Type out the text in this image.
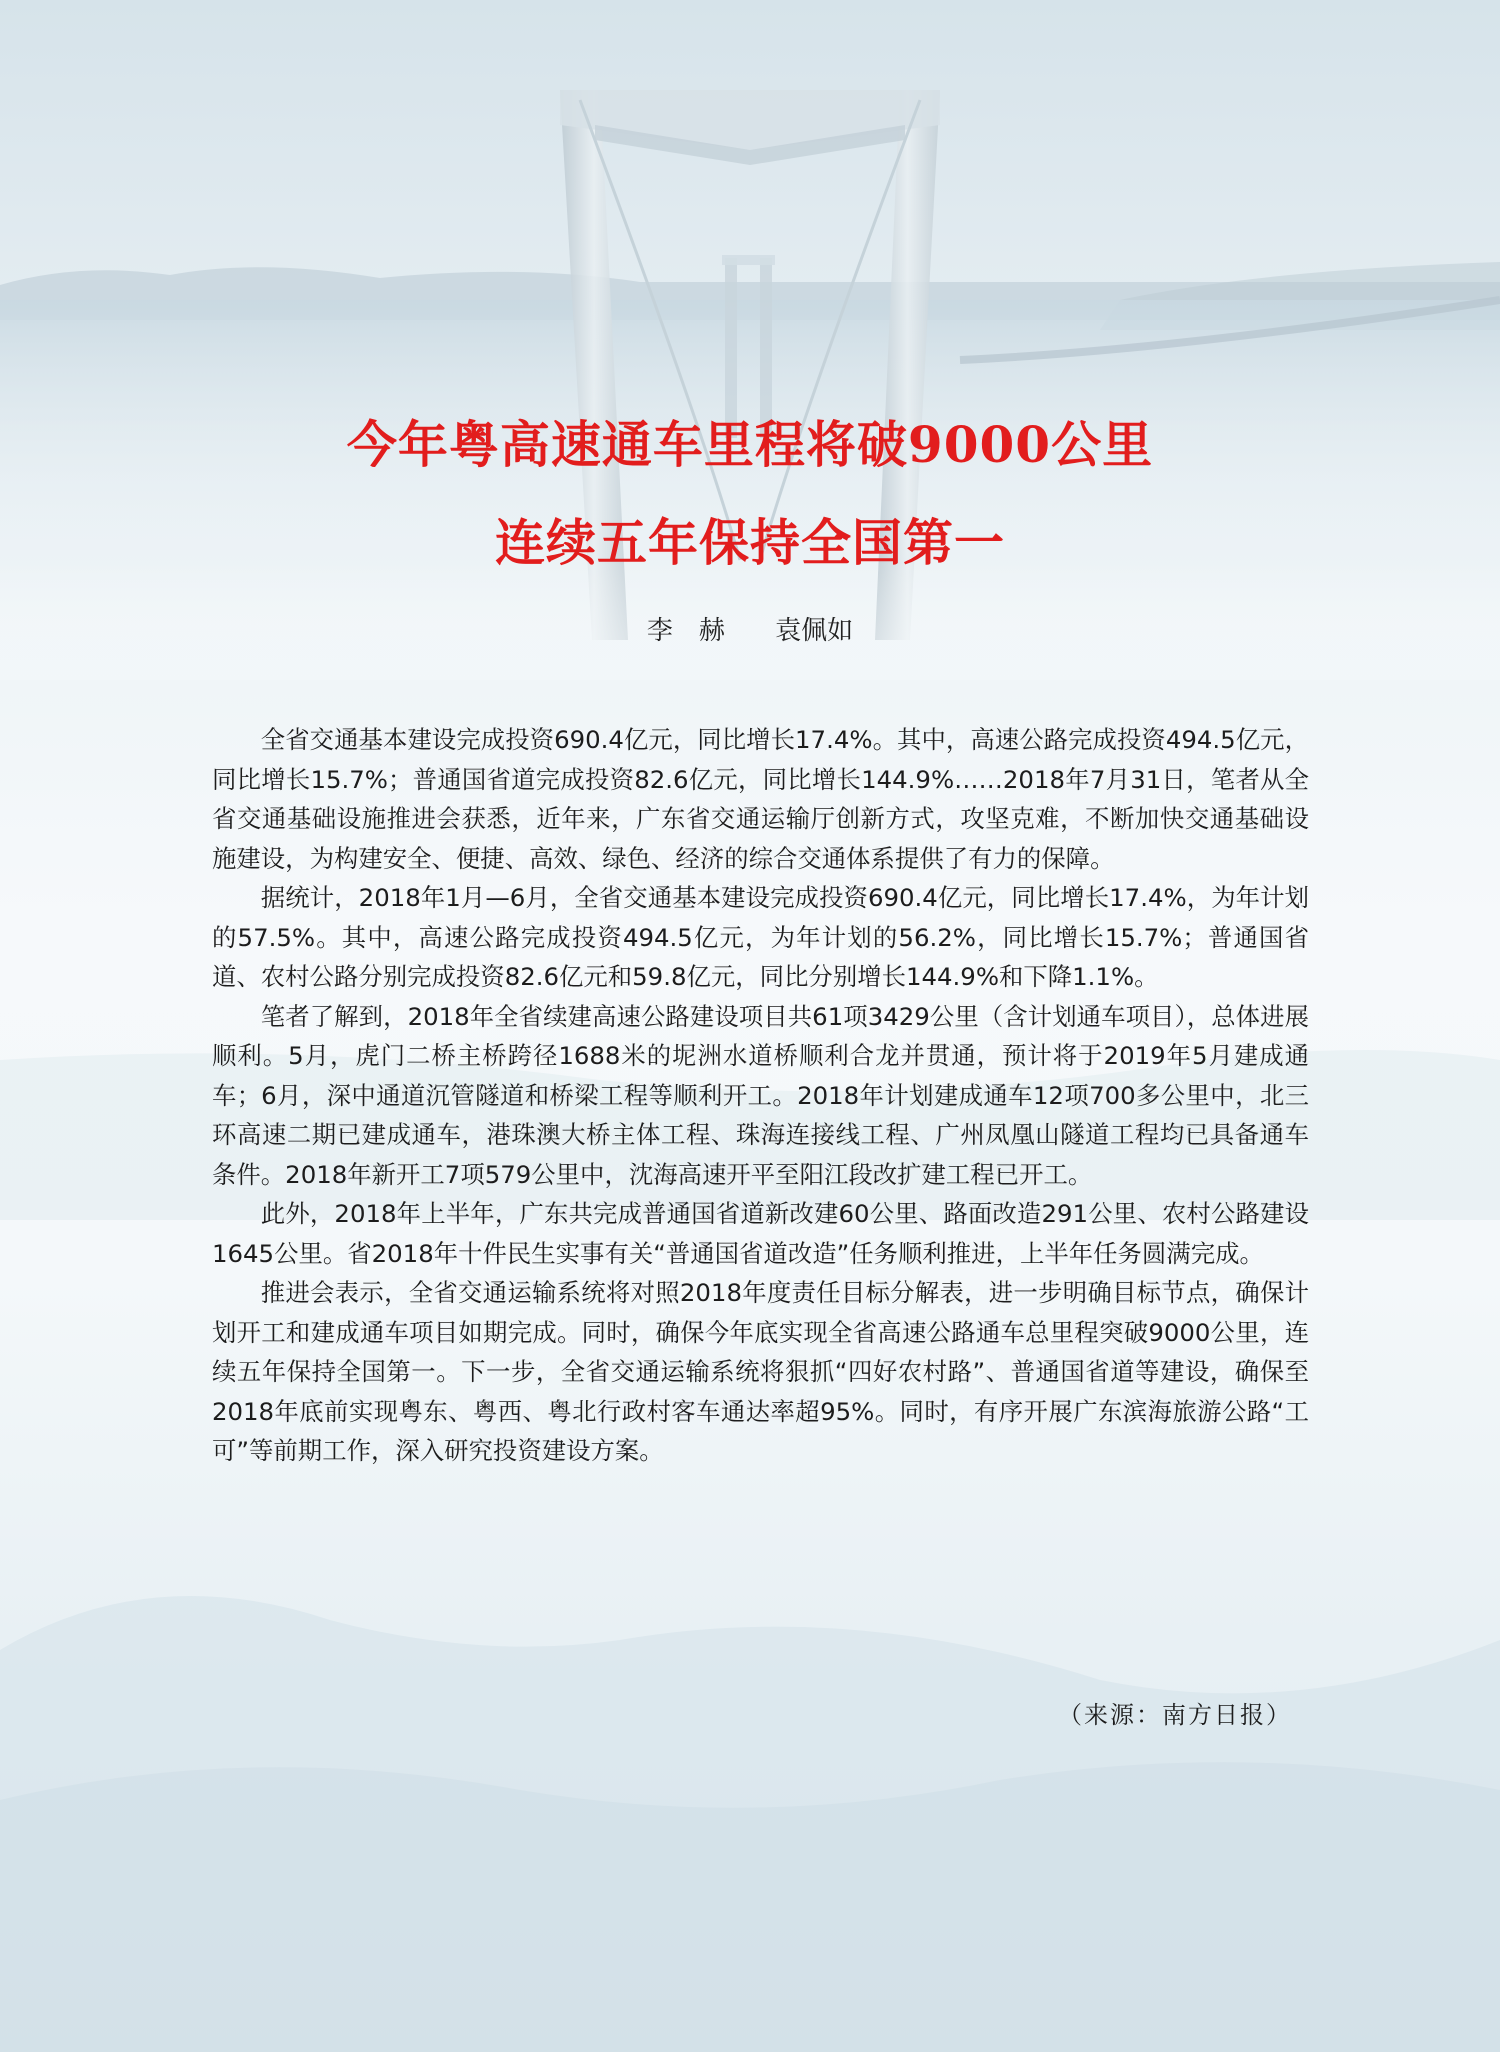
今年粤高速通车里程将破9000公里
连续五年保持全国第一
李　赫 袁佩如

全省交通基本建设完成投资690.4亿元，同比增长17.4%。其中，高速公路完成投资494.5亿元，同比增长15.7%；普通国省道完成投资82.6亿元，同比增长144.9%……2018年7月31日，笔者从全省交通基础设施推进会获悉，近年来，广东省交通运输厅创新方式，攻坚克难，不断加快交通基础设施建设，为构建安全、便捷、高效、绿色、经济的综合交通体系提供了有力的保障。

据统计，2018年1月—6月，全省交通基本建设完成投资690.4亿元，同比增长17.4%，为年计划的57.5%。其中，高速公路完成投资494.5亿元，为年计划的56.2%，同比增长15.7%；普通国省道、农村公路分别完成投资82.6亿元和59.8亿元，同比分别增长144.9%和下降1.1%。

笔者了解到，2018年全省续建高速公路建设项目共61项3429公里（含计划通车项目），总体进展顺利。5月，虎门二桥主桥跨径1688米的坭洲水道桥顺利合龙并贯通，预计将于2019年5月建成通车；6月，深中通道沉管隧道和桥梁工程等顺利开工。2018年计划建成通车12项700多公里中，北三环高速二期已建成通车，港珠澳大桥主体工程、珠海连接线工程、广州凤凰山隧道工程均已具备通车条件。2018年新开工7项579公里中，沈海高速开平至阳江段改扩建工程已开工。

此外，2018年上半年，广东共完成普通国省道新改建60公里、路面改造291公里、农村公路建设1645公里。省2018年十件民生实事有关“普通国省道改造”任务顺利推进，上半年任务圆满完成。

推进会表示，全省交通运输系统将对照2018年度责任目标分解表，进一步明确目标节点，确保计划开工和建成通车项目如期完成。同时，确保今年底实现全省高速公路通车总里程突破9000公里，连续五年保持全国第一。下一步，全省交通运输系统将狠抓“四好农村路”、普通国省道等建设，确保至2018年底前实现粤东、粤西、粤北行政村客车通达率超95%。同时，有序开展广东滨海旅游公路“工可”等前期工作，深入研究投资建设方案。

（来源：南方日报）
